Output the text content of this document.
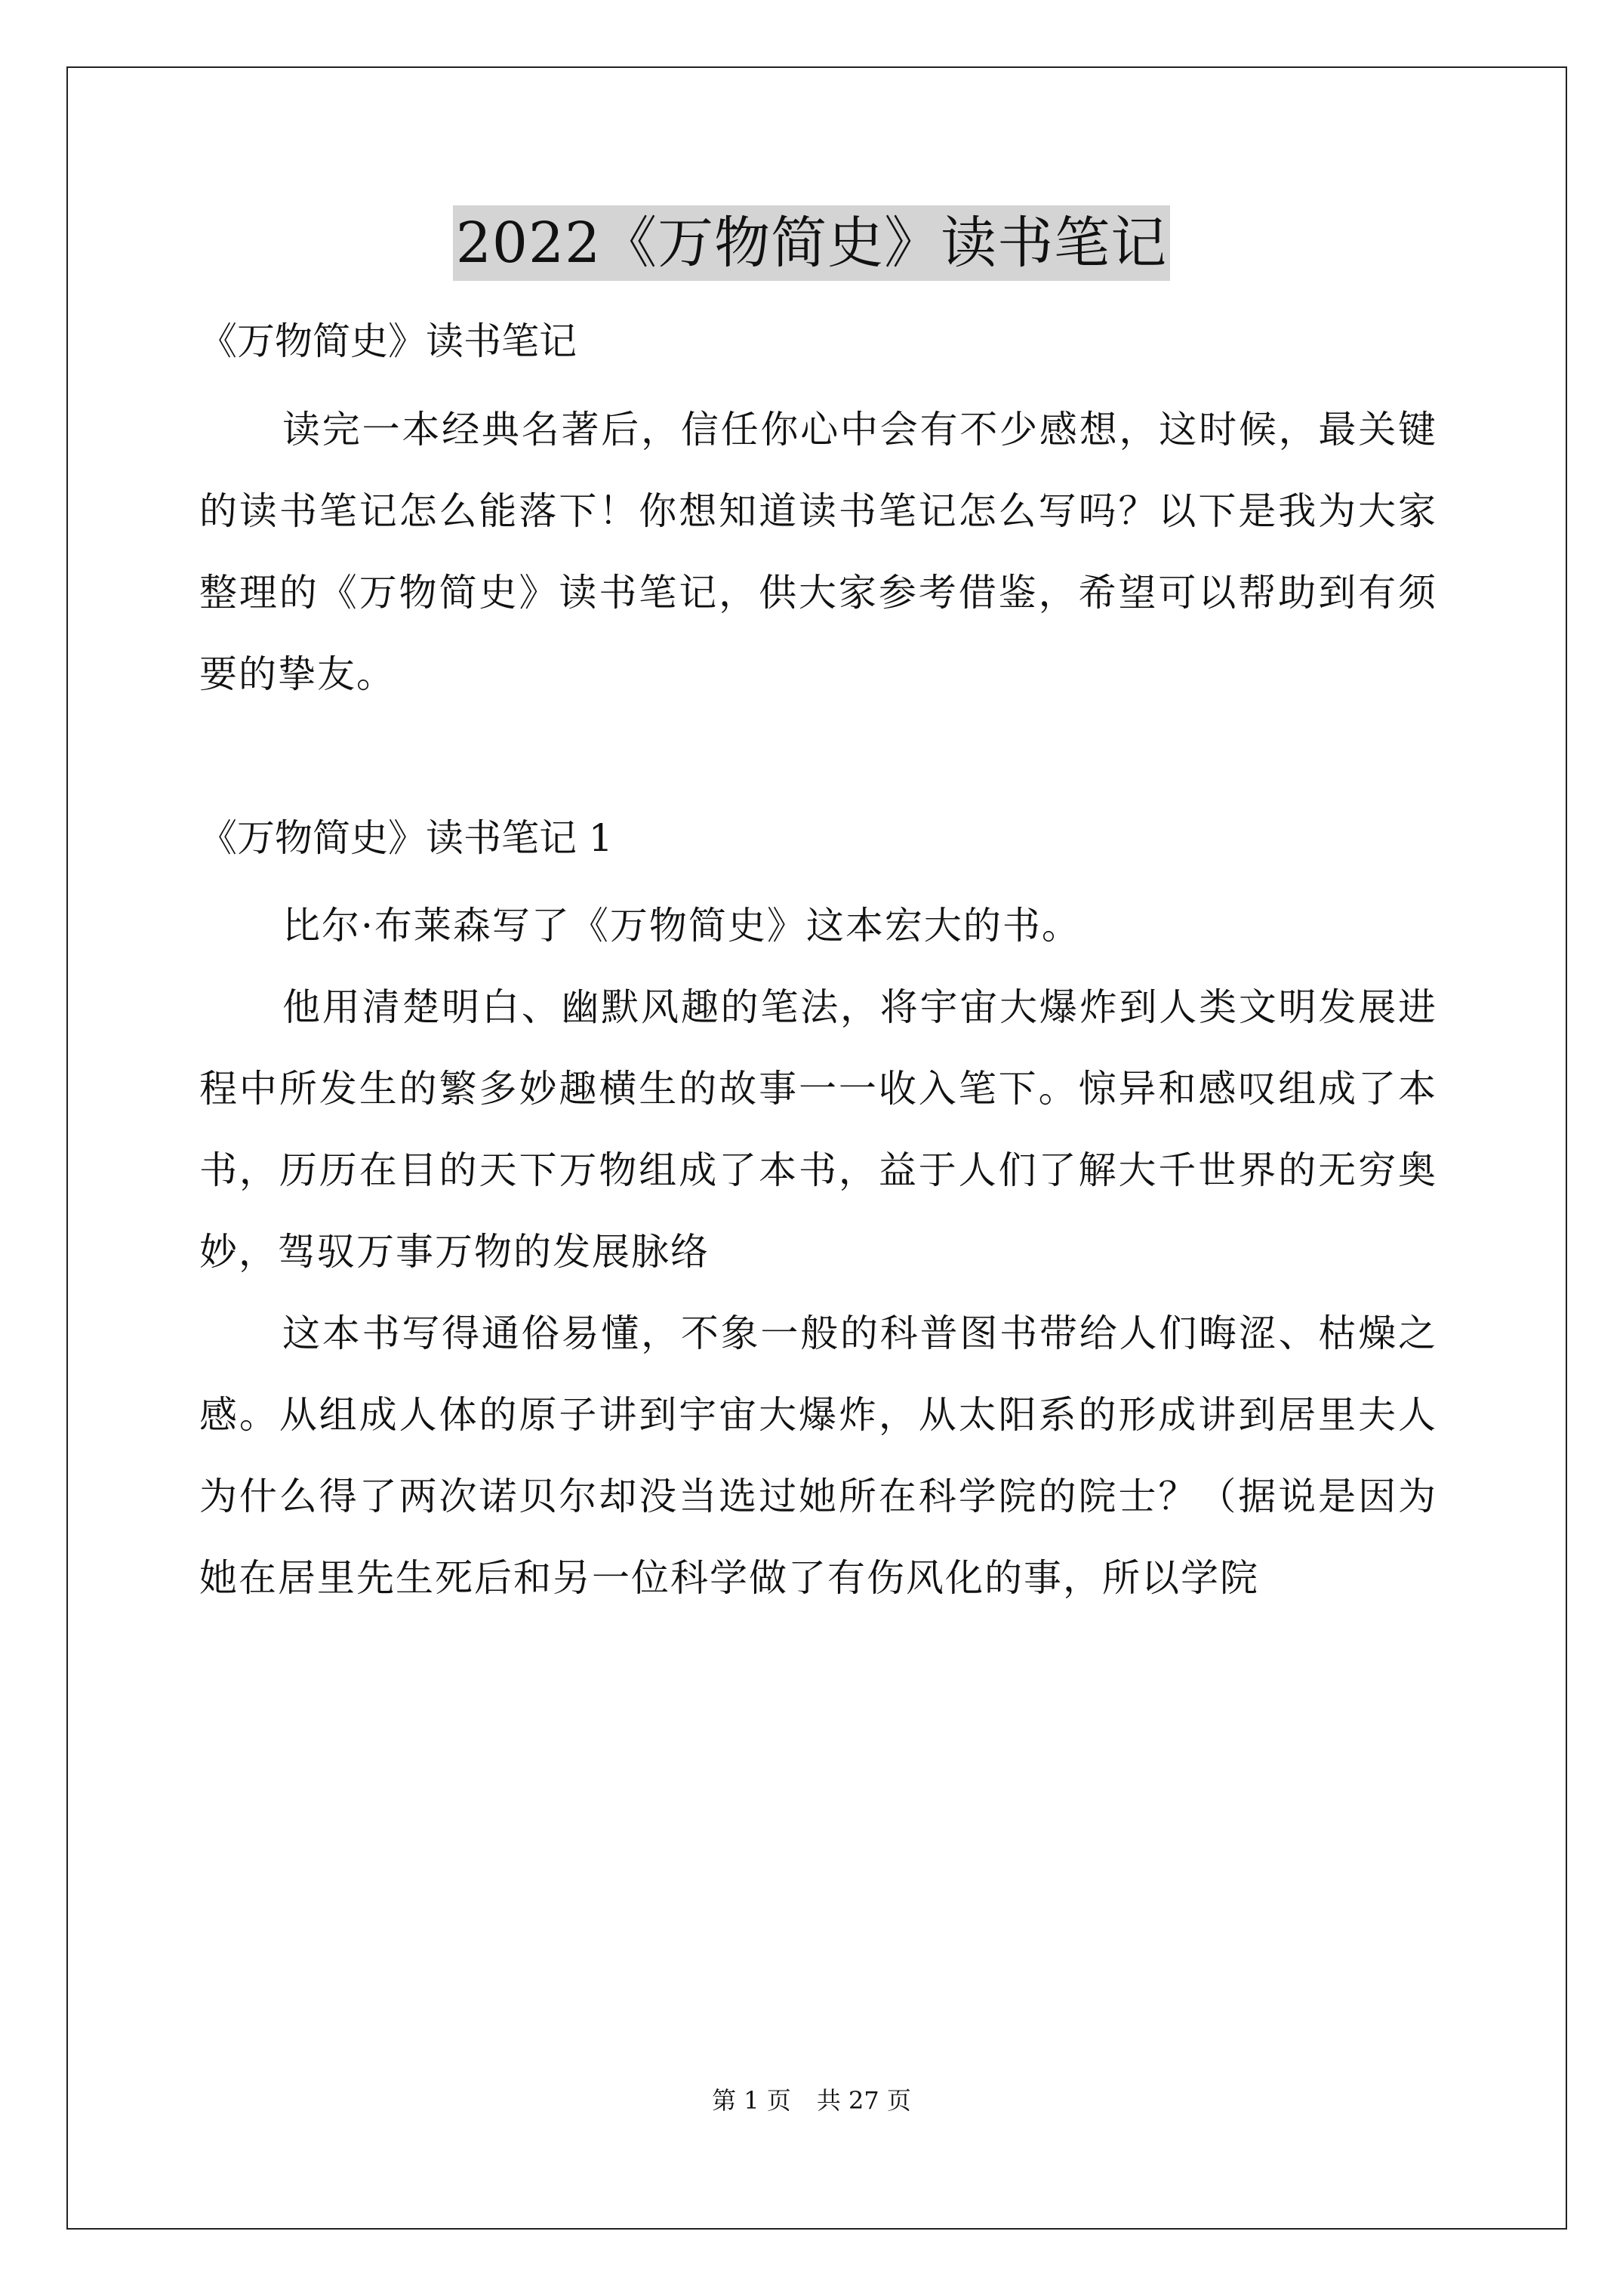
2022《万物简史》读书笔记

《万物简史》读书笔记

读完一本经典名著后，信任你心中会有不少感想，这时候，最关键的读书笔记怎么能落下！你想知道读书笔记怎么写吗？以下是我为大家整理的《万物简史》读书笔记，供大家参考借鉴，希望可以帮助到有须要的挚友。

《万物简史》读书笔记 1

比尔·布莱森写了《万物简史》这本宏大的书。

他用清楚明白、幽默风趣的笔法，将宇宙大爆炸到人类文明发展进程中所发生的繁多妙趣横生的故事一一收入笔下。惊异和感叹组成了本书，历历在目的天下万物组成了本书，益于人们了解大千世界的无穷奥妙，驾驭万事万物的发展脉络

这本书写得通俗易懂，不象一般的科普图书带给人们晦涩、枯燥之感。从组成人体的原子讲到宇宙大爆炸，从太阳系的形成讲到居里夫人为什么得了两次诺贝尔却没当选过她所在科学院的院士？（据说是因为她在居里先生死后和另一位科学做了有伤风化的事，所以学院

第 1 页 共 27 页
